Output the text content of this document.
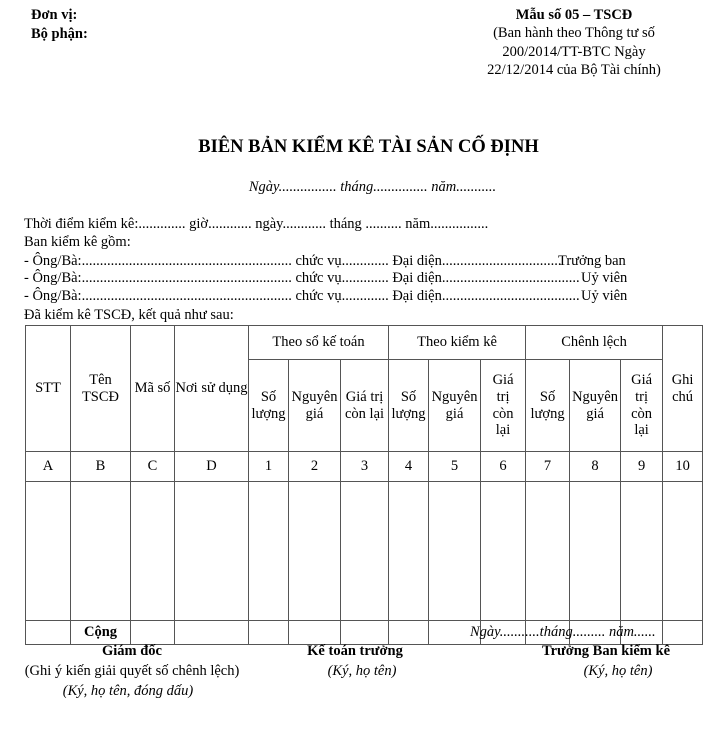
Đơn vị:
Bộ phận:
Mẫu số 05 – TSCĐ
(Ban hành theo Thông tư số
200/2014/TT-BTC Ngày
22/12/2014 của Bộ Tài chính)
BIÊN BẢN KIỂM KÊ TÀI SẢN CỐ ĐỊNH
Ngày................ tháng............... năm...........
Thời điểm kiểm kê:............. giờ............ ngày............ tháng .......... năm................
Ban kiểm kê gồm:
- Ông/Bà:.......................................................... chức vụ............. Đại diện.................................
Trưởng ban
- Ông/Bà:.......................................................... chức vụ............. Đại diện...................................... Uỷ viên
- Ông/Bà:.......................................................... chức vụ............. Đại diện...................................... Uỷ viên
Đã kiểm kê TSCĐ, kết quả như sau:
STT	Tên TSCĐ	Mã số	Nơi sử dụng	Theo sổ kế toán			Theo kiểm kê			Chênh lệch			Ghi chú
				Số lượng	Nguyên giá	Giá trị còn lại	Số lượng	Nguyên giá	Giá trị còn lại	Số lượng	Nguyên giá	Giá trị còn lại	
A	B	C	D	1	2	3	4	5	6	7	8	9	10

	Cộng													Ngày...........tháng......... năm......
Giám đốc
(Ghi ý kiến giải quyết số chênh lệch)
(Ký, họ tên, đóng dấu)
Kế toán trưởng
(Ký, họ tên)
Trưởng Ban kiểm kê
(Ký, họ tên)
